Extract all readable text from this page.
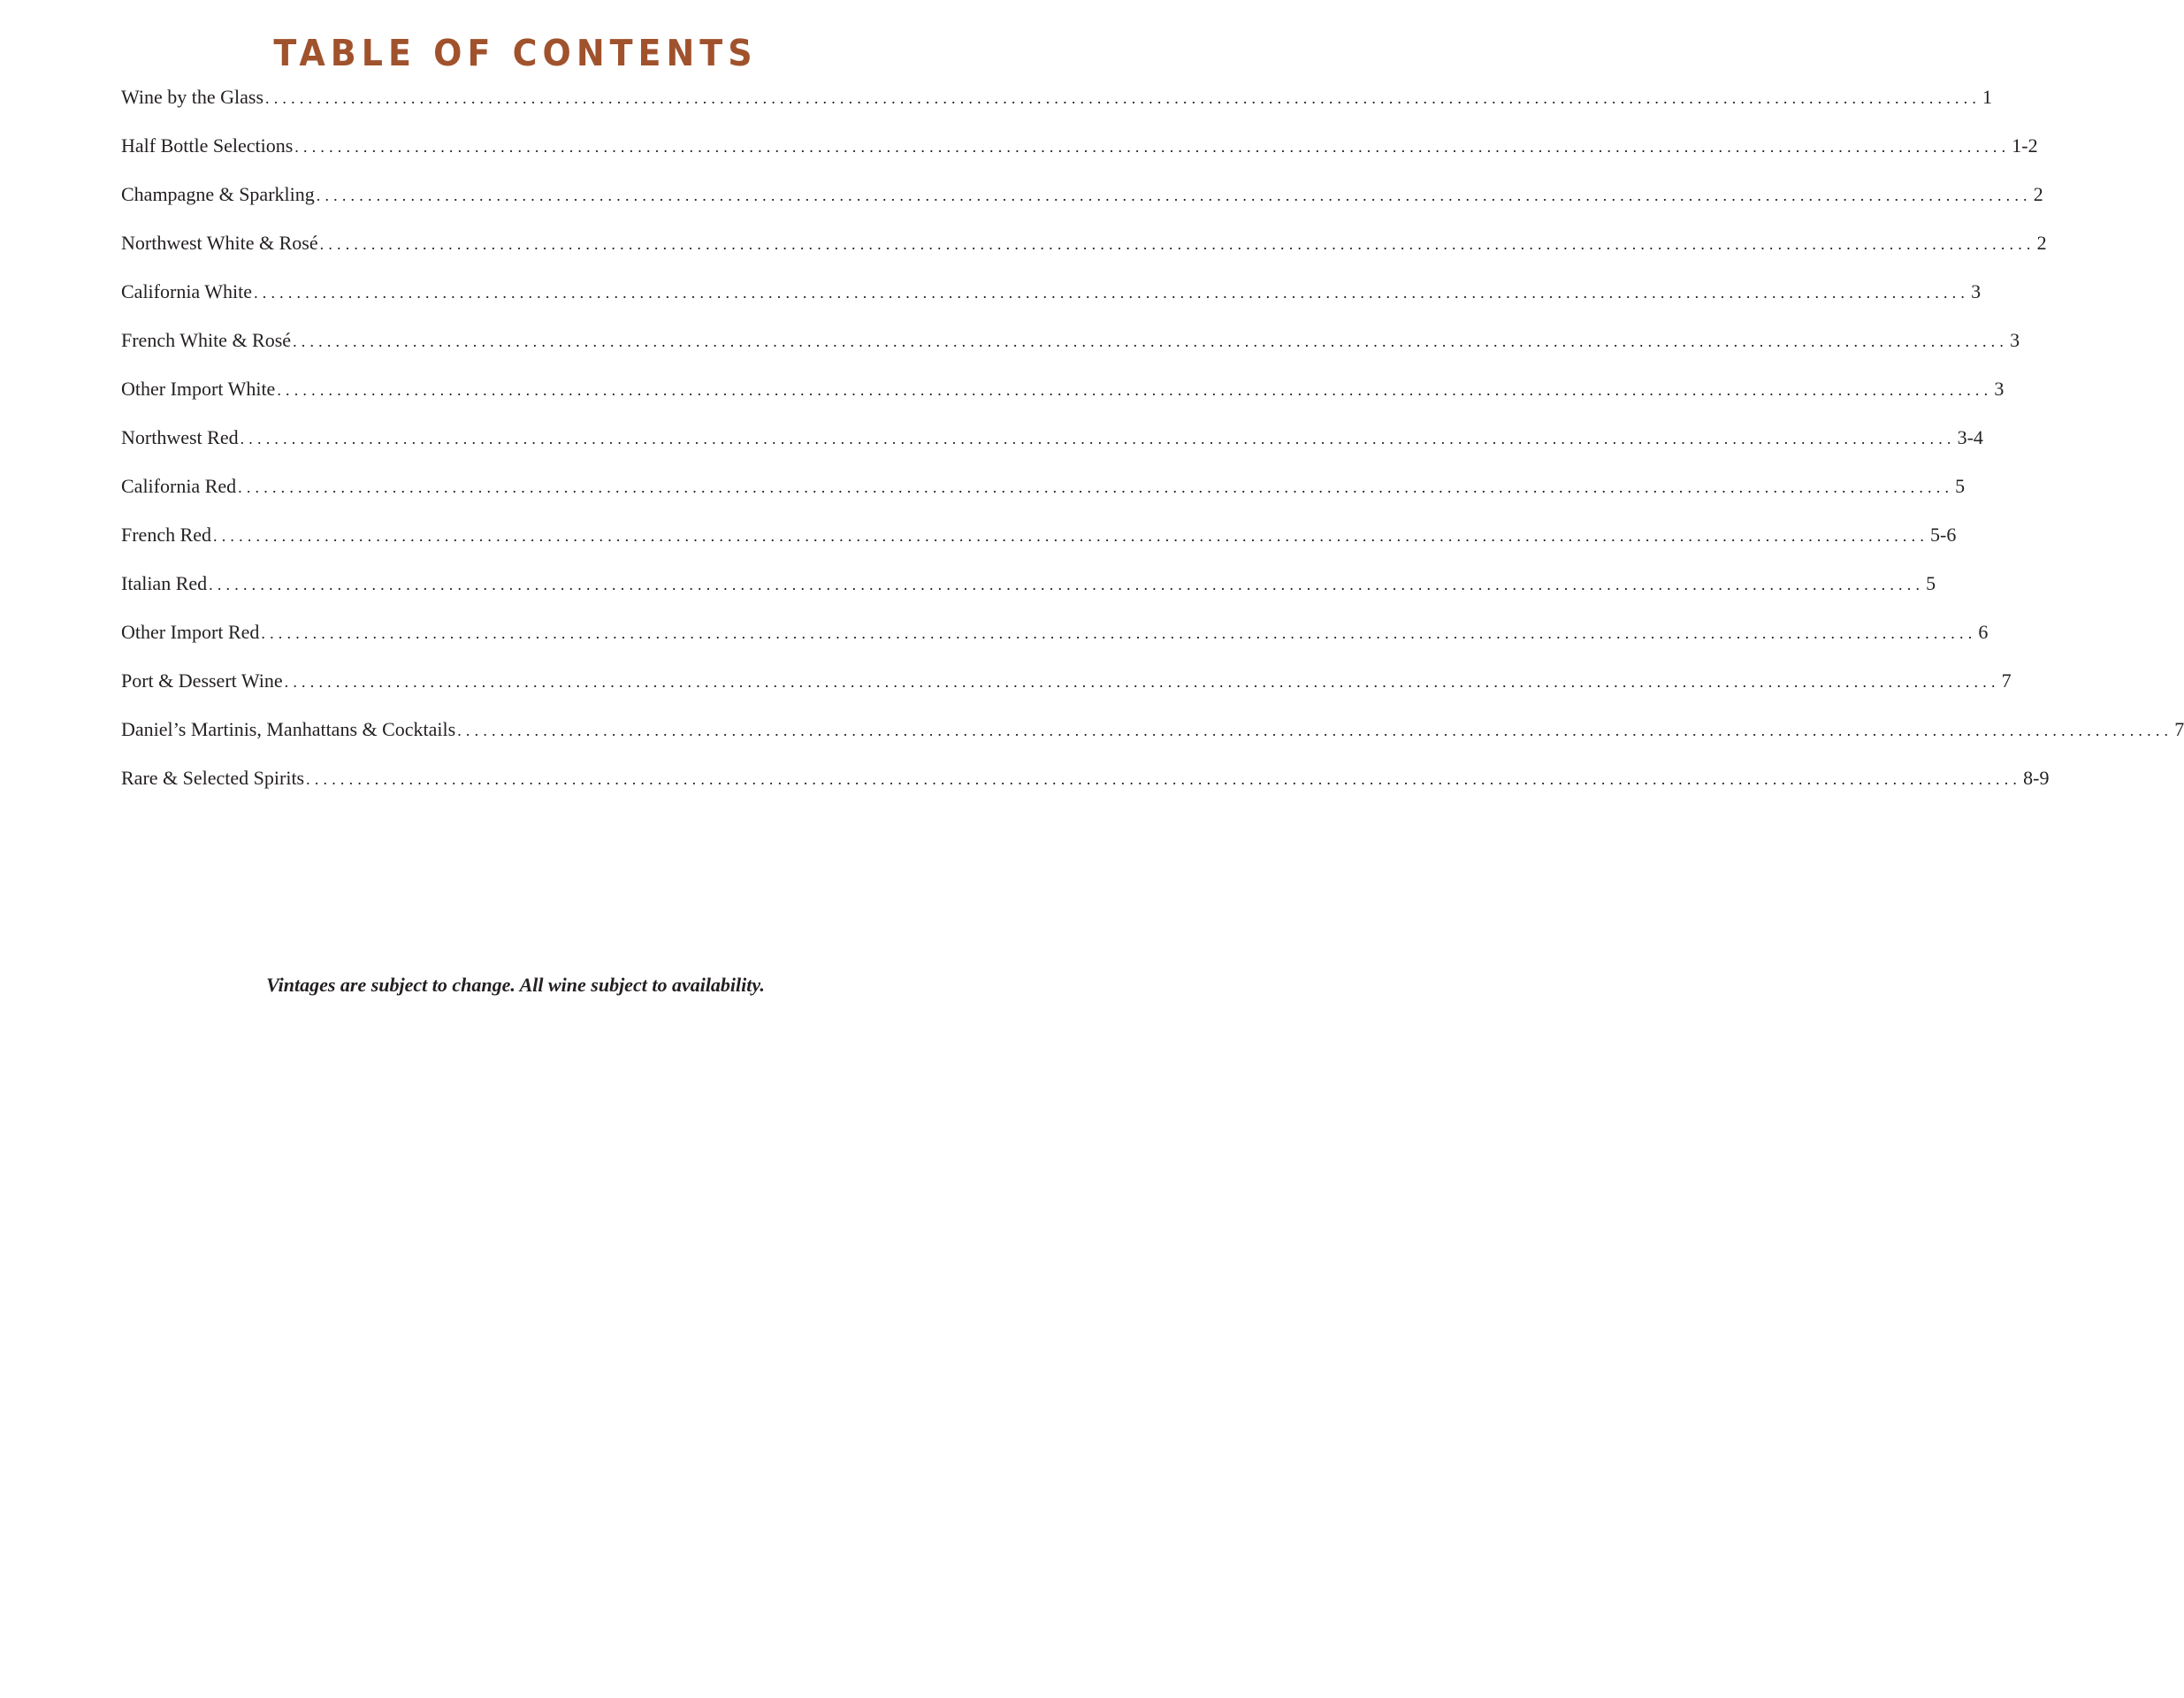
TABLE OF CONTENTS
Wine by the Glass ........................................................................................................................................................................................................ 1
Half Bottle Selections ........................................................................................................................................................................................................ 1-2
Champagne & Sparkling ........................................................................................................................................................................................................ 2
Northwest White & Rosé ........................................................................................................................................................................................................ 2
California White ........................................................................................................................................................................................................ 3
French White & Rosé ........................................................................................................................................................................................................ 3
Other Import White ........................................................................................................................................................................................................ 3
Northwest Red ........................................................................................................................................................................................................ 3-4
California Red ........................................................................................................................................................................................................ 5
French Red ........................................................................................................................................................................................................ 5-6
Italian Red ........................................................................................................................................................................................................ 5
Other Import Red ........................................................................................................................................................................................................ 6
Port & Dessert Wine ........................................................................................................................................................................................................ 7
Daniel’s Martinis, Manhattans & Cocktails ........................................................................................................................................................................................................ 7
Rare & Selected Spirits ........................................................................................................................................................................................................ 8-9
Vintages are subject to change. All wine subject to availability.
